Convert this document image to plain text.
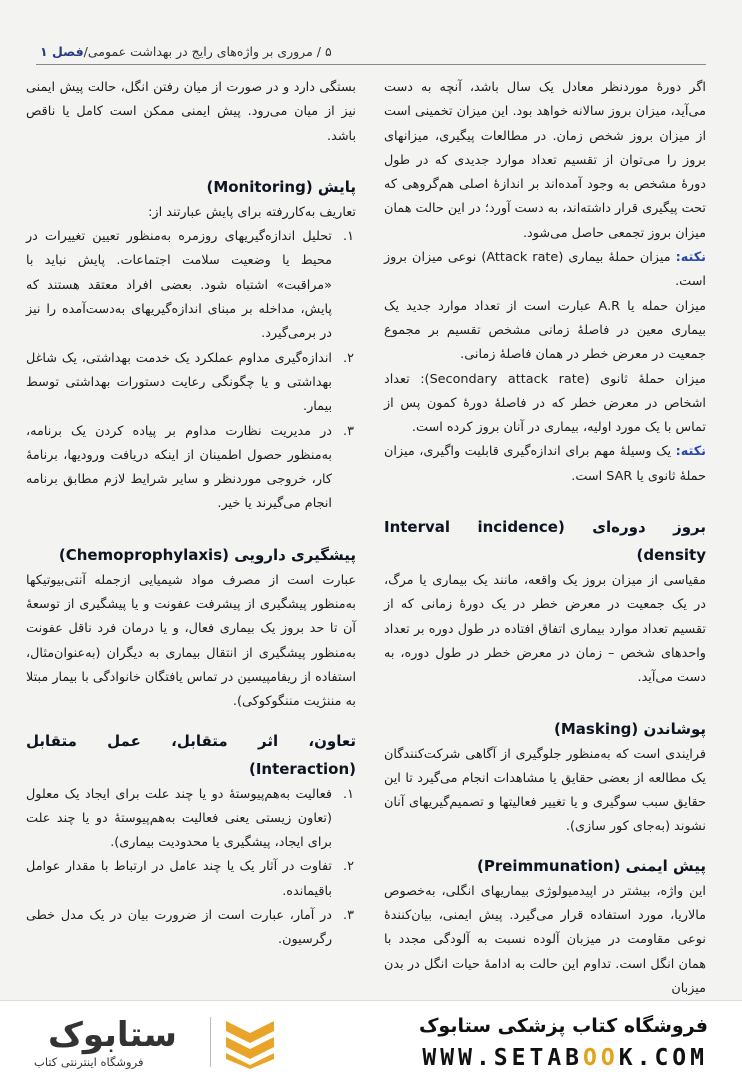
فصل ۱ / مروری بر واژه‌های رایج در بهداشت عمومی / ۵

اگر دورهٔ موردنظر معادل یک سال باشد، آنچه به دست می‌آید، میزان بروز سالانه خواهد بود. این میزان تخمینی است از میزان بروز شخص زمان. در مطالعات پیگیری، میزانهای بروز را می‌توان از تقسیم تعداد موارد جدیدی که در طول دورهٔ مشخص به وجود آمده‌اند بر اندازهٔ اصلی هم‌گروهی که تحت پیگیری قرار داشته‌اند، به دست آورد؛ در این حالت همان میزان بروز تجمعی حاصل می‌شود.

نکته: میزان حملهٔ بیماری (Attack rate) نوعی میزان بروز است.

میزان حمله یا A.R عبارت است از تعداد موارد جدید یک بیماری معین در فاصلهٔ زمانی مشخص تقسیم بر مجموع جمعیت در معرض خطر در همان فاصلهٔ زمانی.

میزان حملهٔ ثانوی (Secondary attack rate): تعداد اشخاص در معرض خطر که در فاصلهٔ دورهٔ کمون پس از تماس با یک مورد اولیه، بیماری در آنان بروز کرده است.

نکته: یک وسیلهٔ مهم برای اندازه‌گیری قابلیت واگیری، میزان حملهٔ ثانوی یا SAR است.

بروز دوره‌ای (Interval incidence density)

مقیاسی از میزان بروز یک واقعه، مانند یک بیماری یا مرگ، در یک جمعیت در معرض خطر در یک دورهٔ زمانی که از تقسیم تعداد موارد بیماری اتفاق افتاده در طول دوره بر تعداد واحدهای شخص – زمان در معرض خطر در طول دوره، به دست می‌آید.

پوشاندن (Masking)

فرایندی است که به‌منظور جلوگیری از آگاهی شرکت‌کنندگان یک مطالعه از بعضی حقایق یا مشاهدات انجام می‌گیرد تا این حقایق سبب سوگیری و یا تغییر فعالیتها و تصمیم‌گیریهای آنان نشوند (به‌جای کور سازی).

پیش ایمنی (Preimmunation)

این واژه، بیشتر در اپیدمیولوژی بیماریهای انگلی، به‌خصوص مالاریا، مورد استفاده قرار می‌گیرد. پیش ایمنی، بیان‌کنندهٔ نوعی مقاومت در میزبان آلوده نسبت به آلودگی مجدد با همان انگل است. تداوم این حالت به ادامهٔ حیات انگل در بدن میزبان

بستگی دارد و در صورت از میان رفتن انگل، حالت پیش ایمنی نیز از میان می‌رود. پیش ایمنی ممکن است کامل یا ناقص باشد.

پایش (Monitoring)

تعاریف به‌کاررفته برای پایش عبارتند از:

۱.
تحلیل اندازه‌گیریهای روزمره به‌منظور تعیین تغییرات در محیط یا وضعیت سلامت اجتماعات. پایش نباید با «مراقبت» اشتباه شود. بعضی افراد معتقد هستند که پایش، مداخله بر مبنای اندازه‌گیریهای به‌دست‌آمده را نیز در برمی‌گیرد.
۲.
اندازه‌گیری مداوم عملکرد یک خدمت بهداشتی، یک شاغل بهداشتی و یا چگونگی رعایت دستورات بهداشتی توسط بیمار.
۳.
در مدیریت نظارت مداوم بر پیاده کردن یک برنامه، به‌منظور حصول اطمینان از اینکه دریافت ورودیها، برنامهٔ کار، خروجی موردنظر و سایر شرایط لازم مطابق برنامه انجام می‌گیرند یا خیر.
پیشگیری دارویی (Chemoprophylaxis)

عبارت است از مصرف مواد شیمیایی ازجمله آنتی‌بیوتیکها به‌منظور پیشگیری از پیشرفت عفونت و یا پیشگیری از توسعهٔ آن تا حد بروز یک بیماری فعال، و یا درمان فرد ناقل عفونت به‌منظور پیشگیری از انتقال بیماری به دیگران (به‌عنوان‌مثال، استفاده از ریفامپیسین در تماس یافتگان خانوادگی با بیمار مبتلا به مننژیت مننگوکوکی).

تعاون، اثر متقابل، عمل متقابل (Interaction)
۱.
فعالیت به‌هم‌پیوستهٔ دو یا چند علت برای ایجاد یک معلول (تعاون زیستی یعنی فعالیت به‌هم‌پیوستهٔ دو یا چند علت برای ایجاد، پیشگیری یا محدودیت بیماری).
۲.
تفاوت در آثار یک یا چند عامل در ارتباط با مقدار عوامل باقیمانده.
۳.
در آمار، عبارت است از ضرورت بیان در یک مدل خطی رگرسیون.
فروشگاه کتاب پزشکی ستابوک
WWW.SETABOOK.COM
ستابوک
فروشگاه اینترنتی کتاب
